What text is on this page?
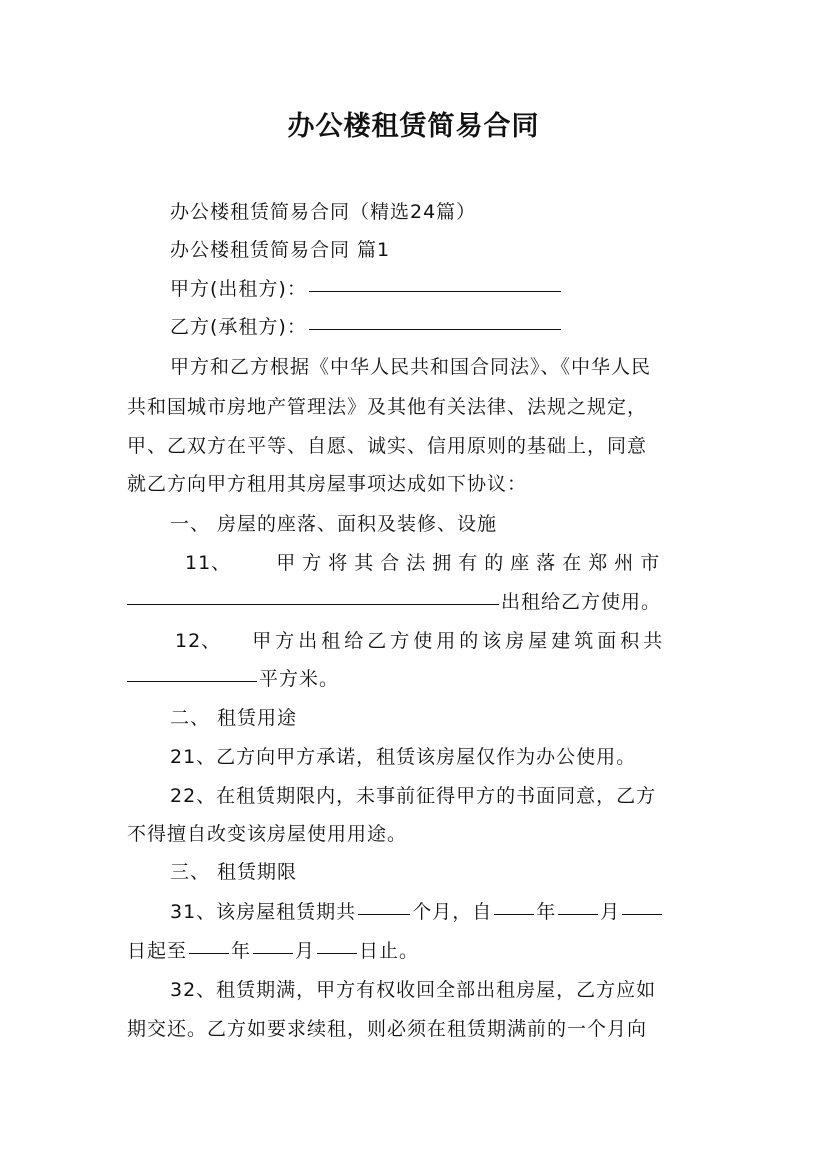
办公楼租赁简易合同
办公楼租赁简易合同（精选24篇）
办公楼租赁简易合同 篇1
甲方(出租方)：
乙方(承租方)：
甲方和乙方根据《中华人民共和国合同法》、《中华人民
共和国城市房地产管理法》及其他有关法律、法规之规定，
甲、乙双方在平等、自愿、诚实、信用原则的基础上，同意
就乙方向甲方租用其房屋事项达成如下协议：
一、 房屋的座落、面积及装修、设施
11、 甲方将其合法拥有的座落在郑州市
出租给乙方使用。
12、 甲方出租给乙方使用的该房屋建筑面积共
平方米。
二、 租赁用途
21、乙方向甲方承诺，租赁该房屋仅作为办公使用。
22、在租赁期限内，未事前征得甲方的书面同意，乙方
不得擅自改变该房屋使用用途。
三、 租赁期限
31、该房屋租赁期共	个月，自 年 月
日起至 年 月 日止。
32、租赁期满，甲方有权收回全部出租房屋，乙方应如
期交还。乙方如要求续租，则必须在租赁期满前的一个月向
